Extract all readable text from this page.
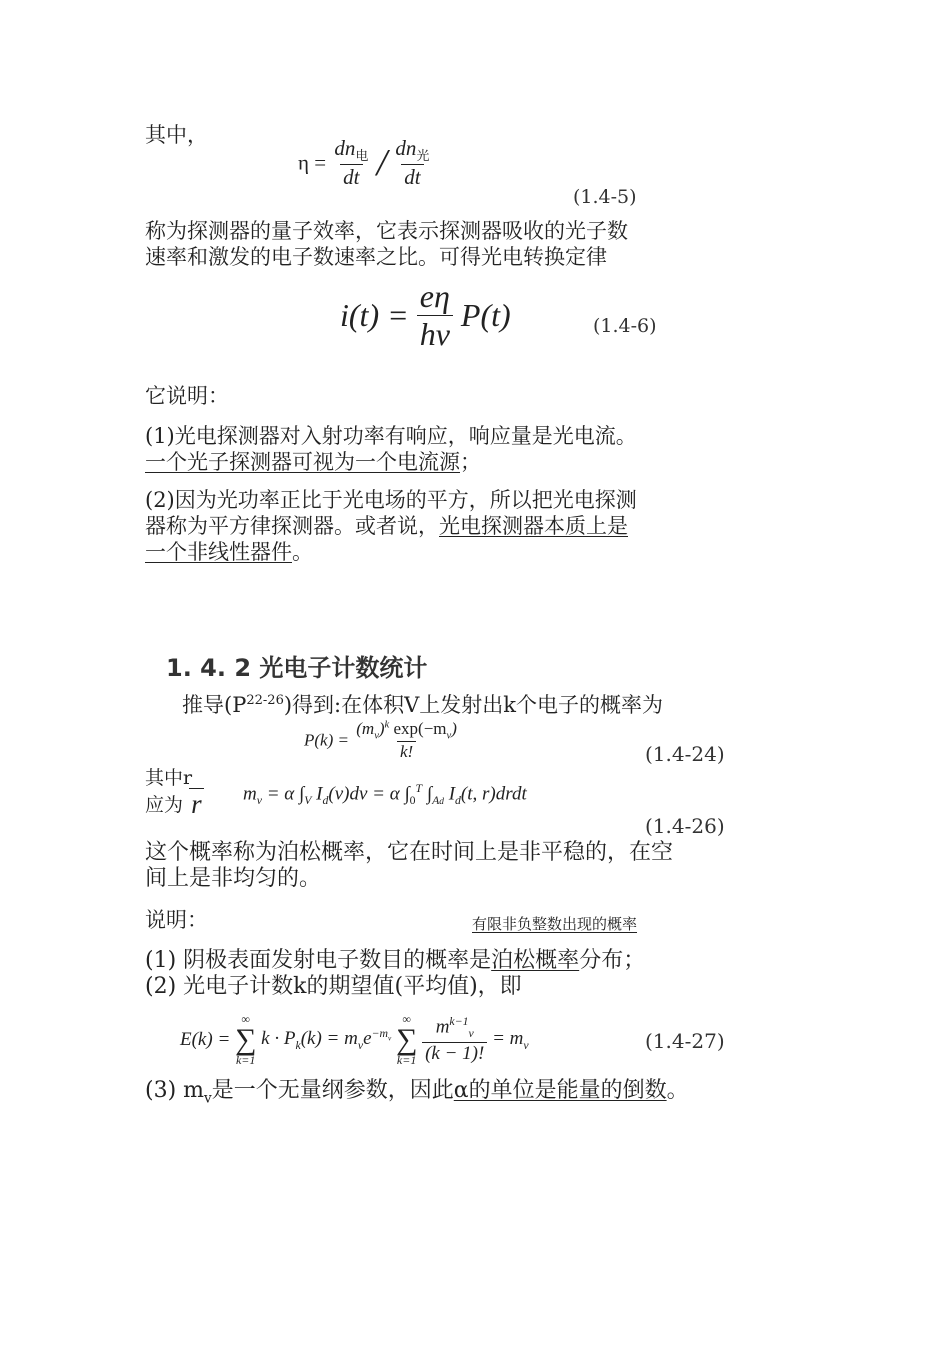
其中，
$\eta = \frac{dn_电}{dt} / \frac{dn_光}{dt}$
(1.4-5)
称为探测器的量子效率，它表示探测器吸收的光子数
速率和激发的电子数速率之比。可得光电转换定律
$i(t) = \frac{e\eta}{h\nu} P(t)$	(1.4-6)
它说明：
(1)光电探测器对入射功率有响应，响应量是光电流。
一个光子探测器可视为一个电流源；
(2)因为光功率正比于光电场的平方，所以把光电探测
器称为平方律探测器。或者说，光电探测器本质上是
一个非线性器件。
1. 4. 2 光电子计数统计
推导$(P^{22-26})$得到:在体积V上发射出k个电子的概率为
$P(k) = \frac{(m_v)^k \exp(-m_v)}{k!}$	(1.4-24)
其中r
应为 r $m_v = \alpha$ $\int_V$ $I_d(v)dv = \alpha$ $\int_0^T$ $\int_{Ad}$ $I_d(t$, r)drdt
(1.4-26)
这个概率称为泊松概率，它在时间上是非平稳的，在空
间上是非均匀的。
说明：	有限非负整数出现的概率
(1) 阴极表面发射电子数目的概率是泊松概率分布；
(2) 光电子计数k的期望值(平均值)，即
E(k) =
∞
∑
k=1
$k \cdot P_k(k) = m_ve^{-m_v}$
∞
∑
k=1
$\frac{m^{k-1}_v}{(k - 1)!} = m_v$	(1.4-27)
(3) $m_v$是一个无量纲参数，因此α的单位是能量的倒数。
